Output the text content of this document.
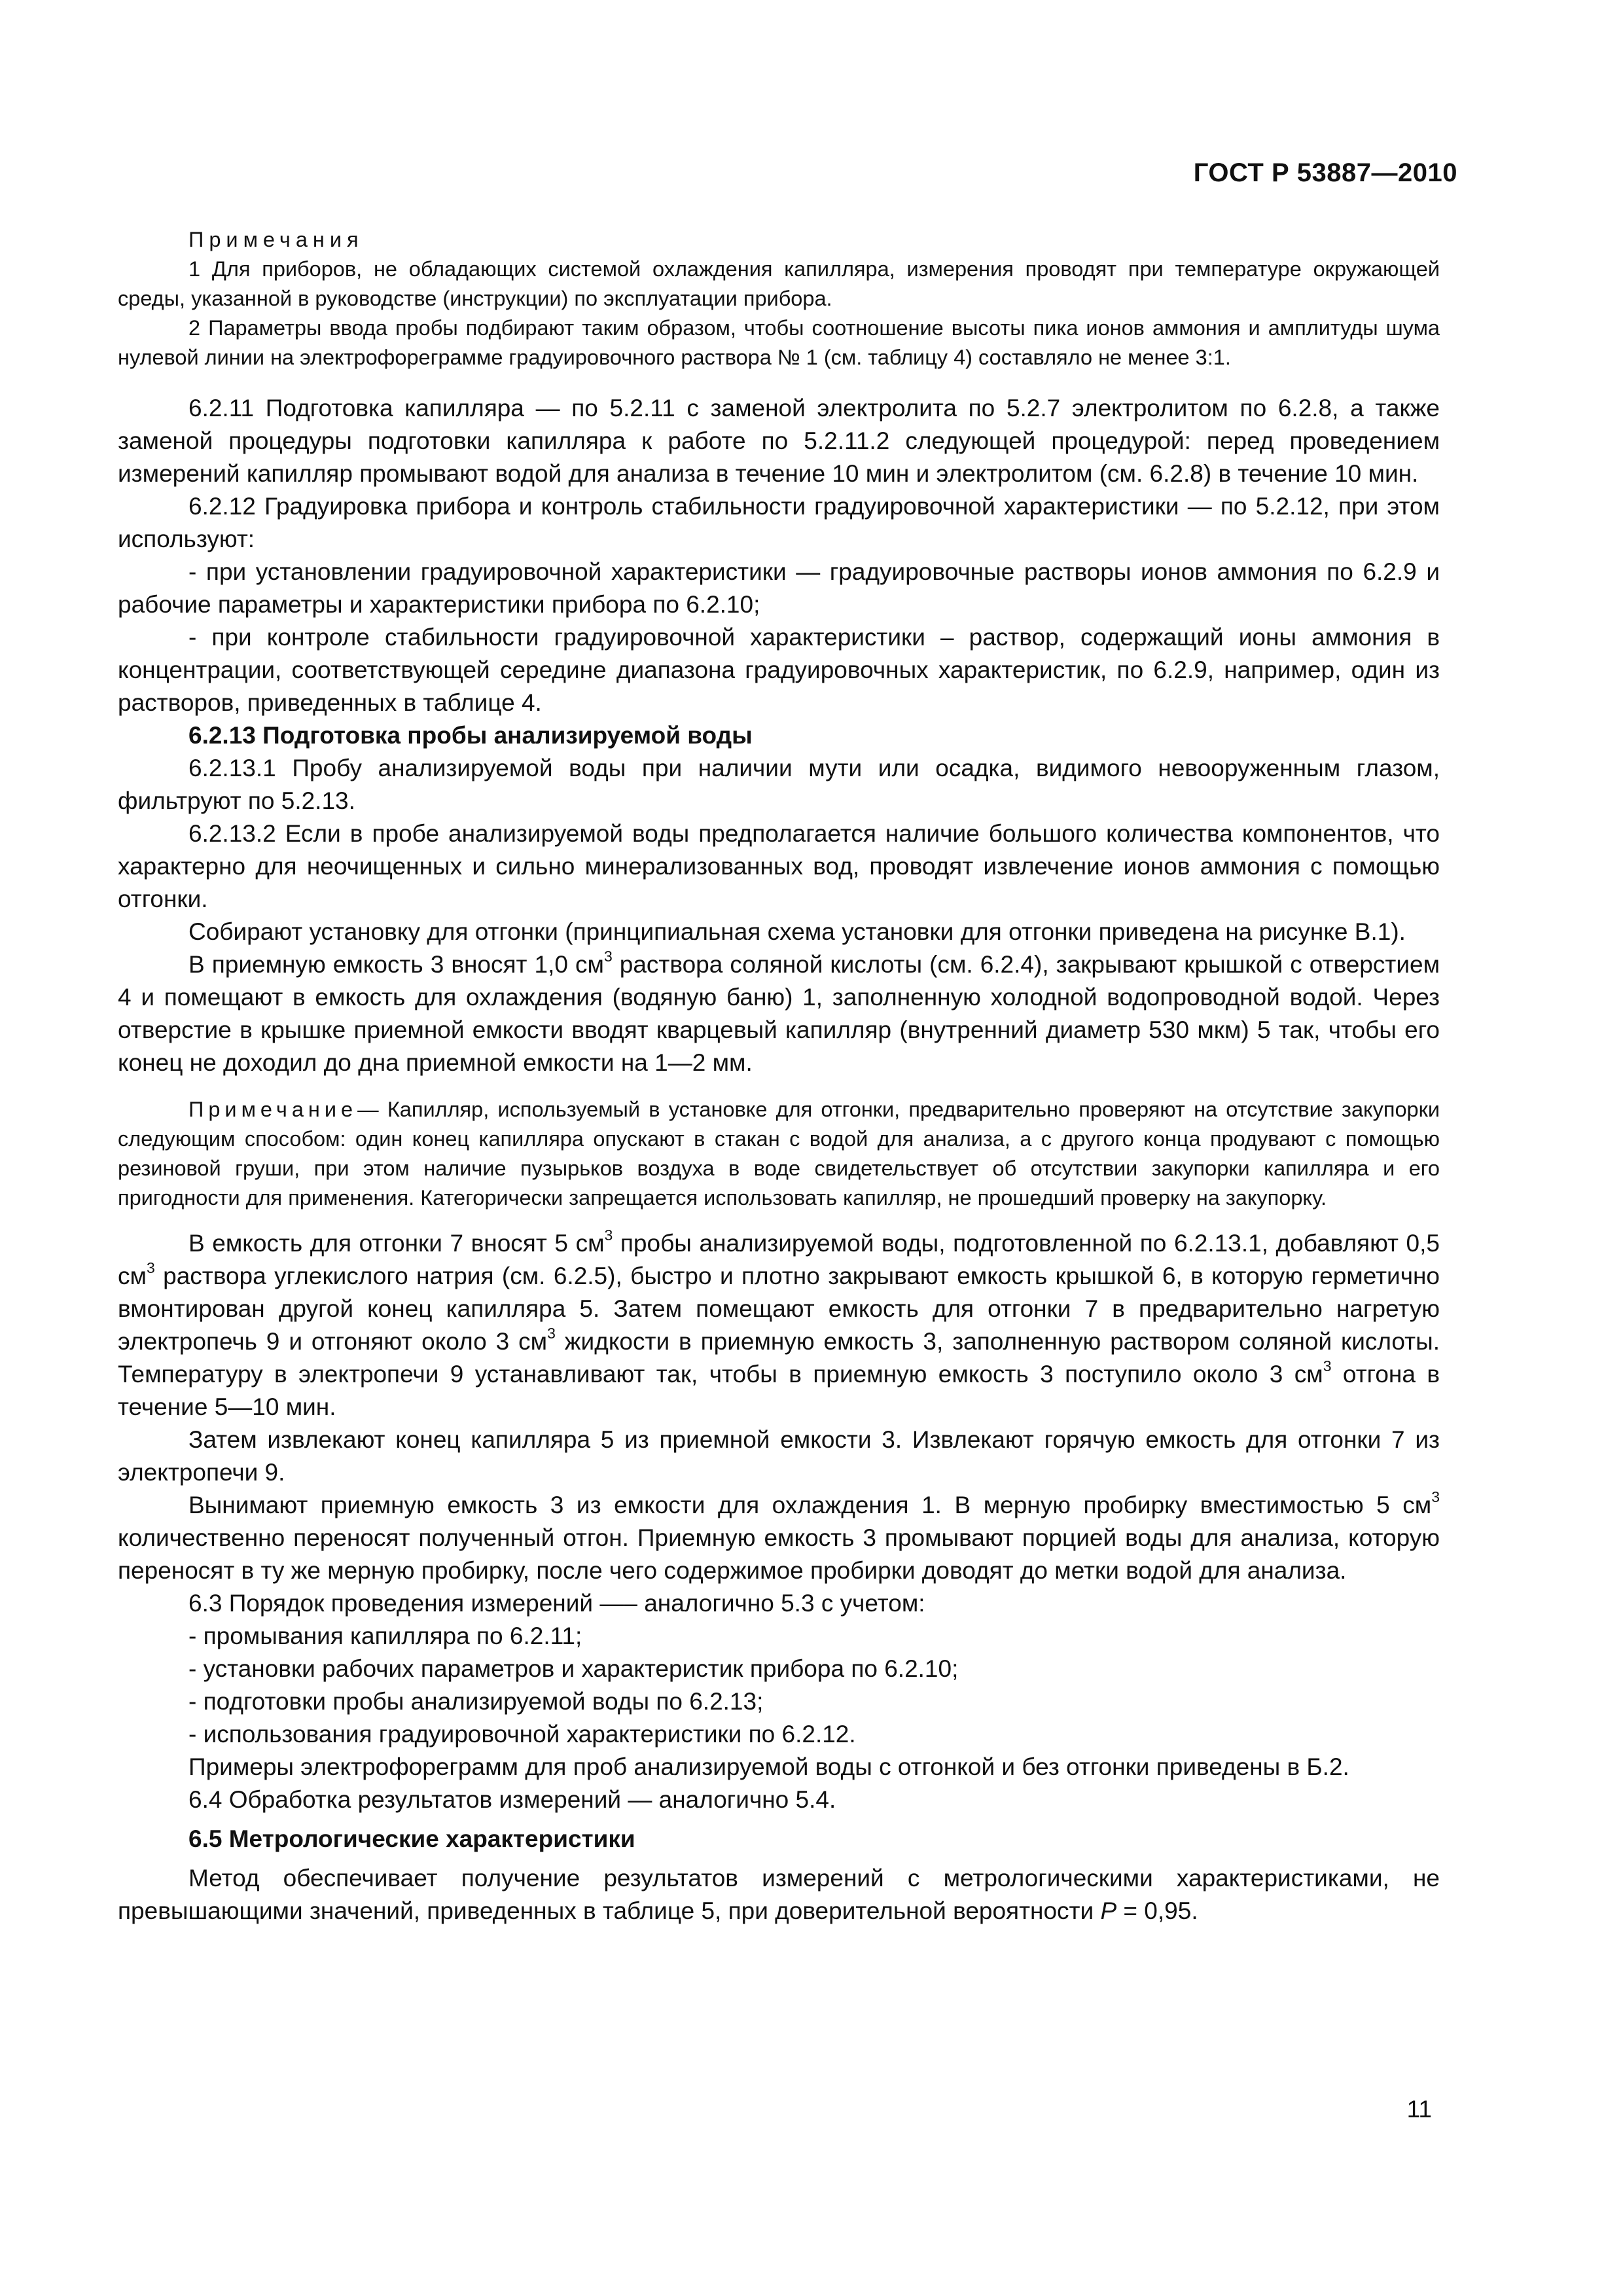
ГОСТ Р 53887—2010

Примечания

1 Для приборов, не обладающих системой охлаждения капилляра, измерения проводят при температуре окружающей среды, указанной в руководстве (инструкции) по эксплуатации прибора.

2 Параметры ввода пробы подбирают таким образом, чтобы соотношение высоты пика ионов аммония и амплитуды шума нулевой линии на электрофореграмме градуировочного раствора № 1 (см. таблицу 4) составляло не менее 3:1.

6.2.11 Подготовка капилляра — по 5.2.11 с заменой электролита по 5.2.7 электролитом по 6.2.8, а также заменой процедуры подготовки капилляра к работе по 5.2.11.2 следующей процедурой: перед проведением измерений капилляр промывают водой для анализа в течение 10 мин и электролитом (см. 6.2.8) в течение 10 мин.

6.2.12 Градуировка прибора и контроль стабильности градуировочной характеристики — по 5.2.12, при этом используют:

- при установлении градуировочной характеристики — градуировочные растворы ионов аммония по 6.2.9 и рабочие параметры и характеристики прибора по 6.2.10;

- при контроле стабильности градуировочной характеристики – раствор, содержащий ионы аммония в концентрации, соответствующей середине диапазона градуировочных характеристик, по 6.2.9, например, один из растворов, приведенных в таблице 4.

6.2.13 Подготовка пробы анализируемой воды

6.2.13.1 Пробу анализируемой воды при наличии мути или осадка, видимого невооруженным глазом, фильтруют по 5.2.13.

6.2.13.2 Если в пробе анализируемой воды предполагается наличие большого количества компонентов, что характерно для неочищенных и сильно минерализованных вод, проводят извлечение ионов аммония с помощью отгонки.

Собирают установку для отгонки (принципиальная схема установки для отгонки приведена на рисунке В.1).

В приемную емкость 3 вносят 1,0 $см^3$ раствора соляной кислоты (см. 6.2.4), закрывают крышкой с отверстием 4 и помещают в емкость для охлаждения (водяную баню) 1, заполненную холодной водопроводной водой. Через отверстие в крышке приемной емкости вводят кварцевый капилляр (внутренний диаметр 530 мкм) 5 так, чтобы его конец не доходил до дна приемной емкости на 1—2 мм.

Примечание— Капилляр, используемый в установке для отгонки, предварительно проверяют на отсутствие закупорки следующим способом: один конец капилляра опускают в стакан с водой для анализа, а с другого конца продувают с помощью резиновой груши, при этом наличие пузырьков воздуха в воде свидетельствует об отсутствии закупорки капилляра и его пригодности для применения. Категорически запрещается использовать капилляр, не прошедший проверку на закупорку.

В емкость для отгонки 7 вносят 5 $см^3$ пробы анализируемой воды, подготовленной по 6.2.13.1, добавляют 0,5 $см^3$ раствора углекислого натрия (см. 6.2.5), быстро и плотно закрывают емкость крышкой 6, в которую герметично вмонтирован другой конец капилляра 5. Затем помещают емкость для отгонки 7 в предварительно нагретую электропечь 9 и отгоняют около 3 $см^3$ жидкости в приемную емкость 3, заполненную раствором соляной кислоты. Температуру в электропечи 9 устанавливают так, чтобы в приемную емкость 3 поступило около 3 $см^3$ отгона в течение 5—10 мин.

Затем извлекают конец капилляра 5 из приемной емкости 3. Извлекают горячую емкость для отгонки 7 из электропечи 9.

Вынимают приемную емкость 3 из емкости для охлаждения 1. В мерную пробирку вместимостью 5 $см^3$ количественно переносят полученный отгон. Приемную емкость 3 промывают порцией воды для анализа, которую переносят в ту же мерную пробирку, после чего содержимое пробирки доводят до метки водой для анализа.

6.3 Порядок проведения измерений —– аналогично 5.3 с учетом:

- промывания капилляра по 6.2.11;

- установки рабочих параметров и характеристик прибора по 6.2.10;

- подготовки пробы анализируемой воды по 6.2.13;

- использования градуировочной характеристики по 6.2.12.

Примеры электрофореграмм для проб анализируемой воды с отгонкой и без отгонки приведены в Б.2.

6.4 Обработка результатов измерений — аналогично 5.4.

6.5 Метрологические характеристики

Метод обеспечивает получение результатов измерений с метрологическими характеристиками, не превышающими значений, приведенных в таблице 5, при доверительной вероятности P = 0,95.

11
